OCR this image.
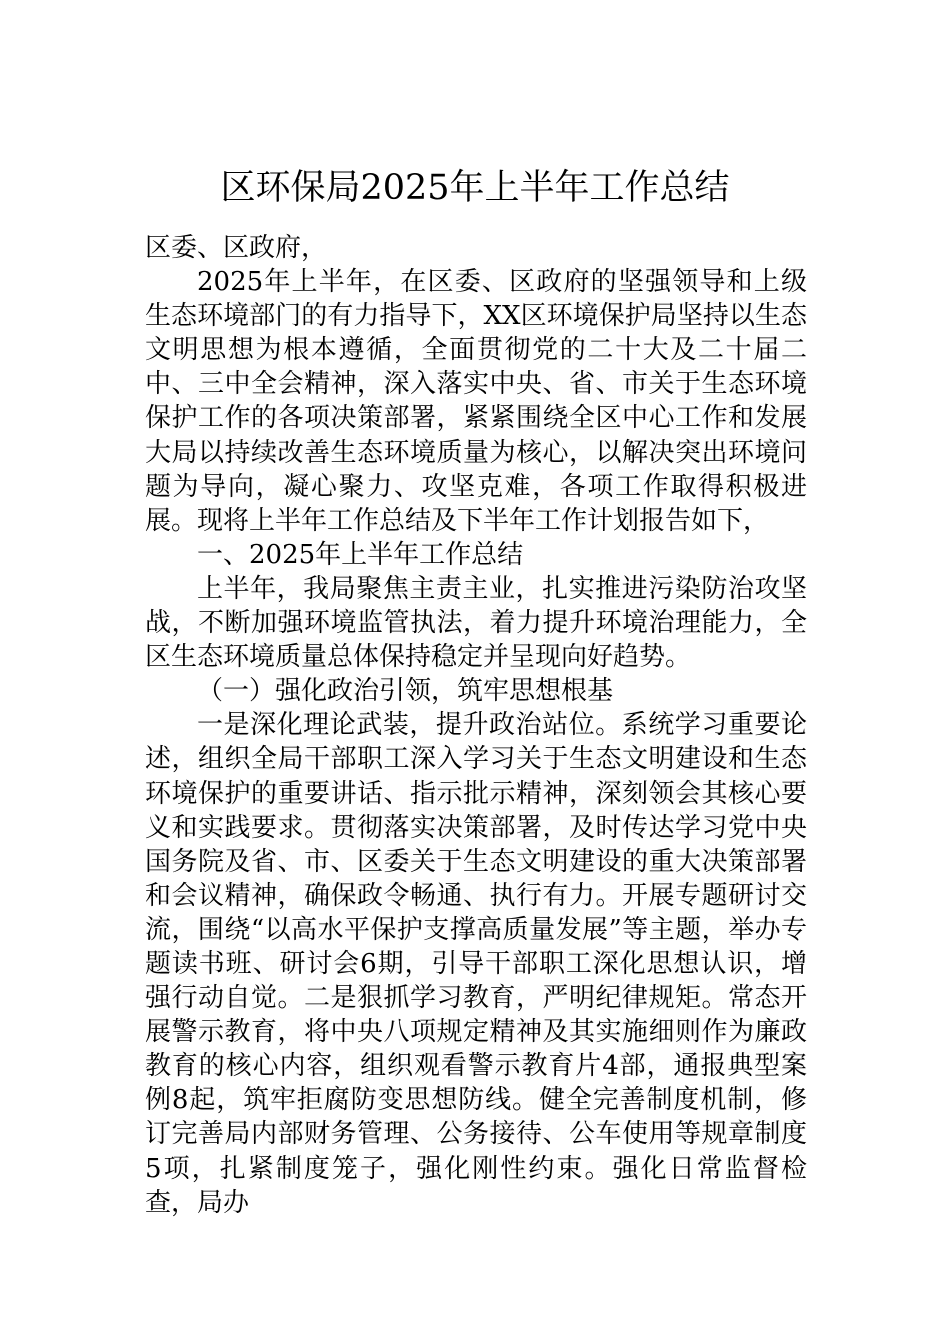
区环保局2025年上半年工作总结

区委、区政府，

2025年上半年，在区委、区政府的坚强领导和上级生态环境部门的有力指导下，XX区环境保护局坚持以生态文明思想为根本遵循，全面贯彻党的二十大及二十届二中、三中全会精神，深入落实中央、省、市关于生态环境保护工作的各项决策部署，紧紧围绕全区中心工作和发展大局以持续改善生态环境质量为核心，以解决突出环境问题为导向，凝心聚力、攻坚克难，各项工作取得积极进展。现将上半年工作总结及下半年工作计划报告如下，

一、2025年上半年工作总结

上半年，我局聚焦主责主业，扎实推进污染防治攻坚战，不断加强环境监管执法，着力提升环境治理能力，全区生态环境质量总体保持稳定并呈现向好趋势。

（一）强化政治引领，筑牢思想根基

一是深化理论武装，提升政治站位。系统学习重要论述，组织全局干部职工深入学习关于生态文明建设和生态环境保护的重要讲话、指示批示精神，深刻领会其核心要义和实践要求。贯彻落实决策部署，及时传达学习党中央国务院及省、市、区委关于生态文明建设的重大决策部署和会议精神，确保政令畅通、执行有力。开展专题研讨交流，围绕“以高水平保护支撑高质量发展”等主题，举办专题读书班、研讨会6期，引导干部职工深化思想认识，增强行动自觉。二是狠抓学习教育，严明纪律规矩。常态开展警示教育，将中央八项规定精神及其实施细则作为廉政教育的核心内容，组织观看警示教育片4部，通报典型案例8起，筑牢拒腐防变思想防线。健全完善制度机制，修订完善局内部财务管理、公务接待、公车使用等规章制度5项，扎紧制度笼子，强化刚性约束。强化日常监督检查，局办
